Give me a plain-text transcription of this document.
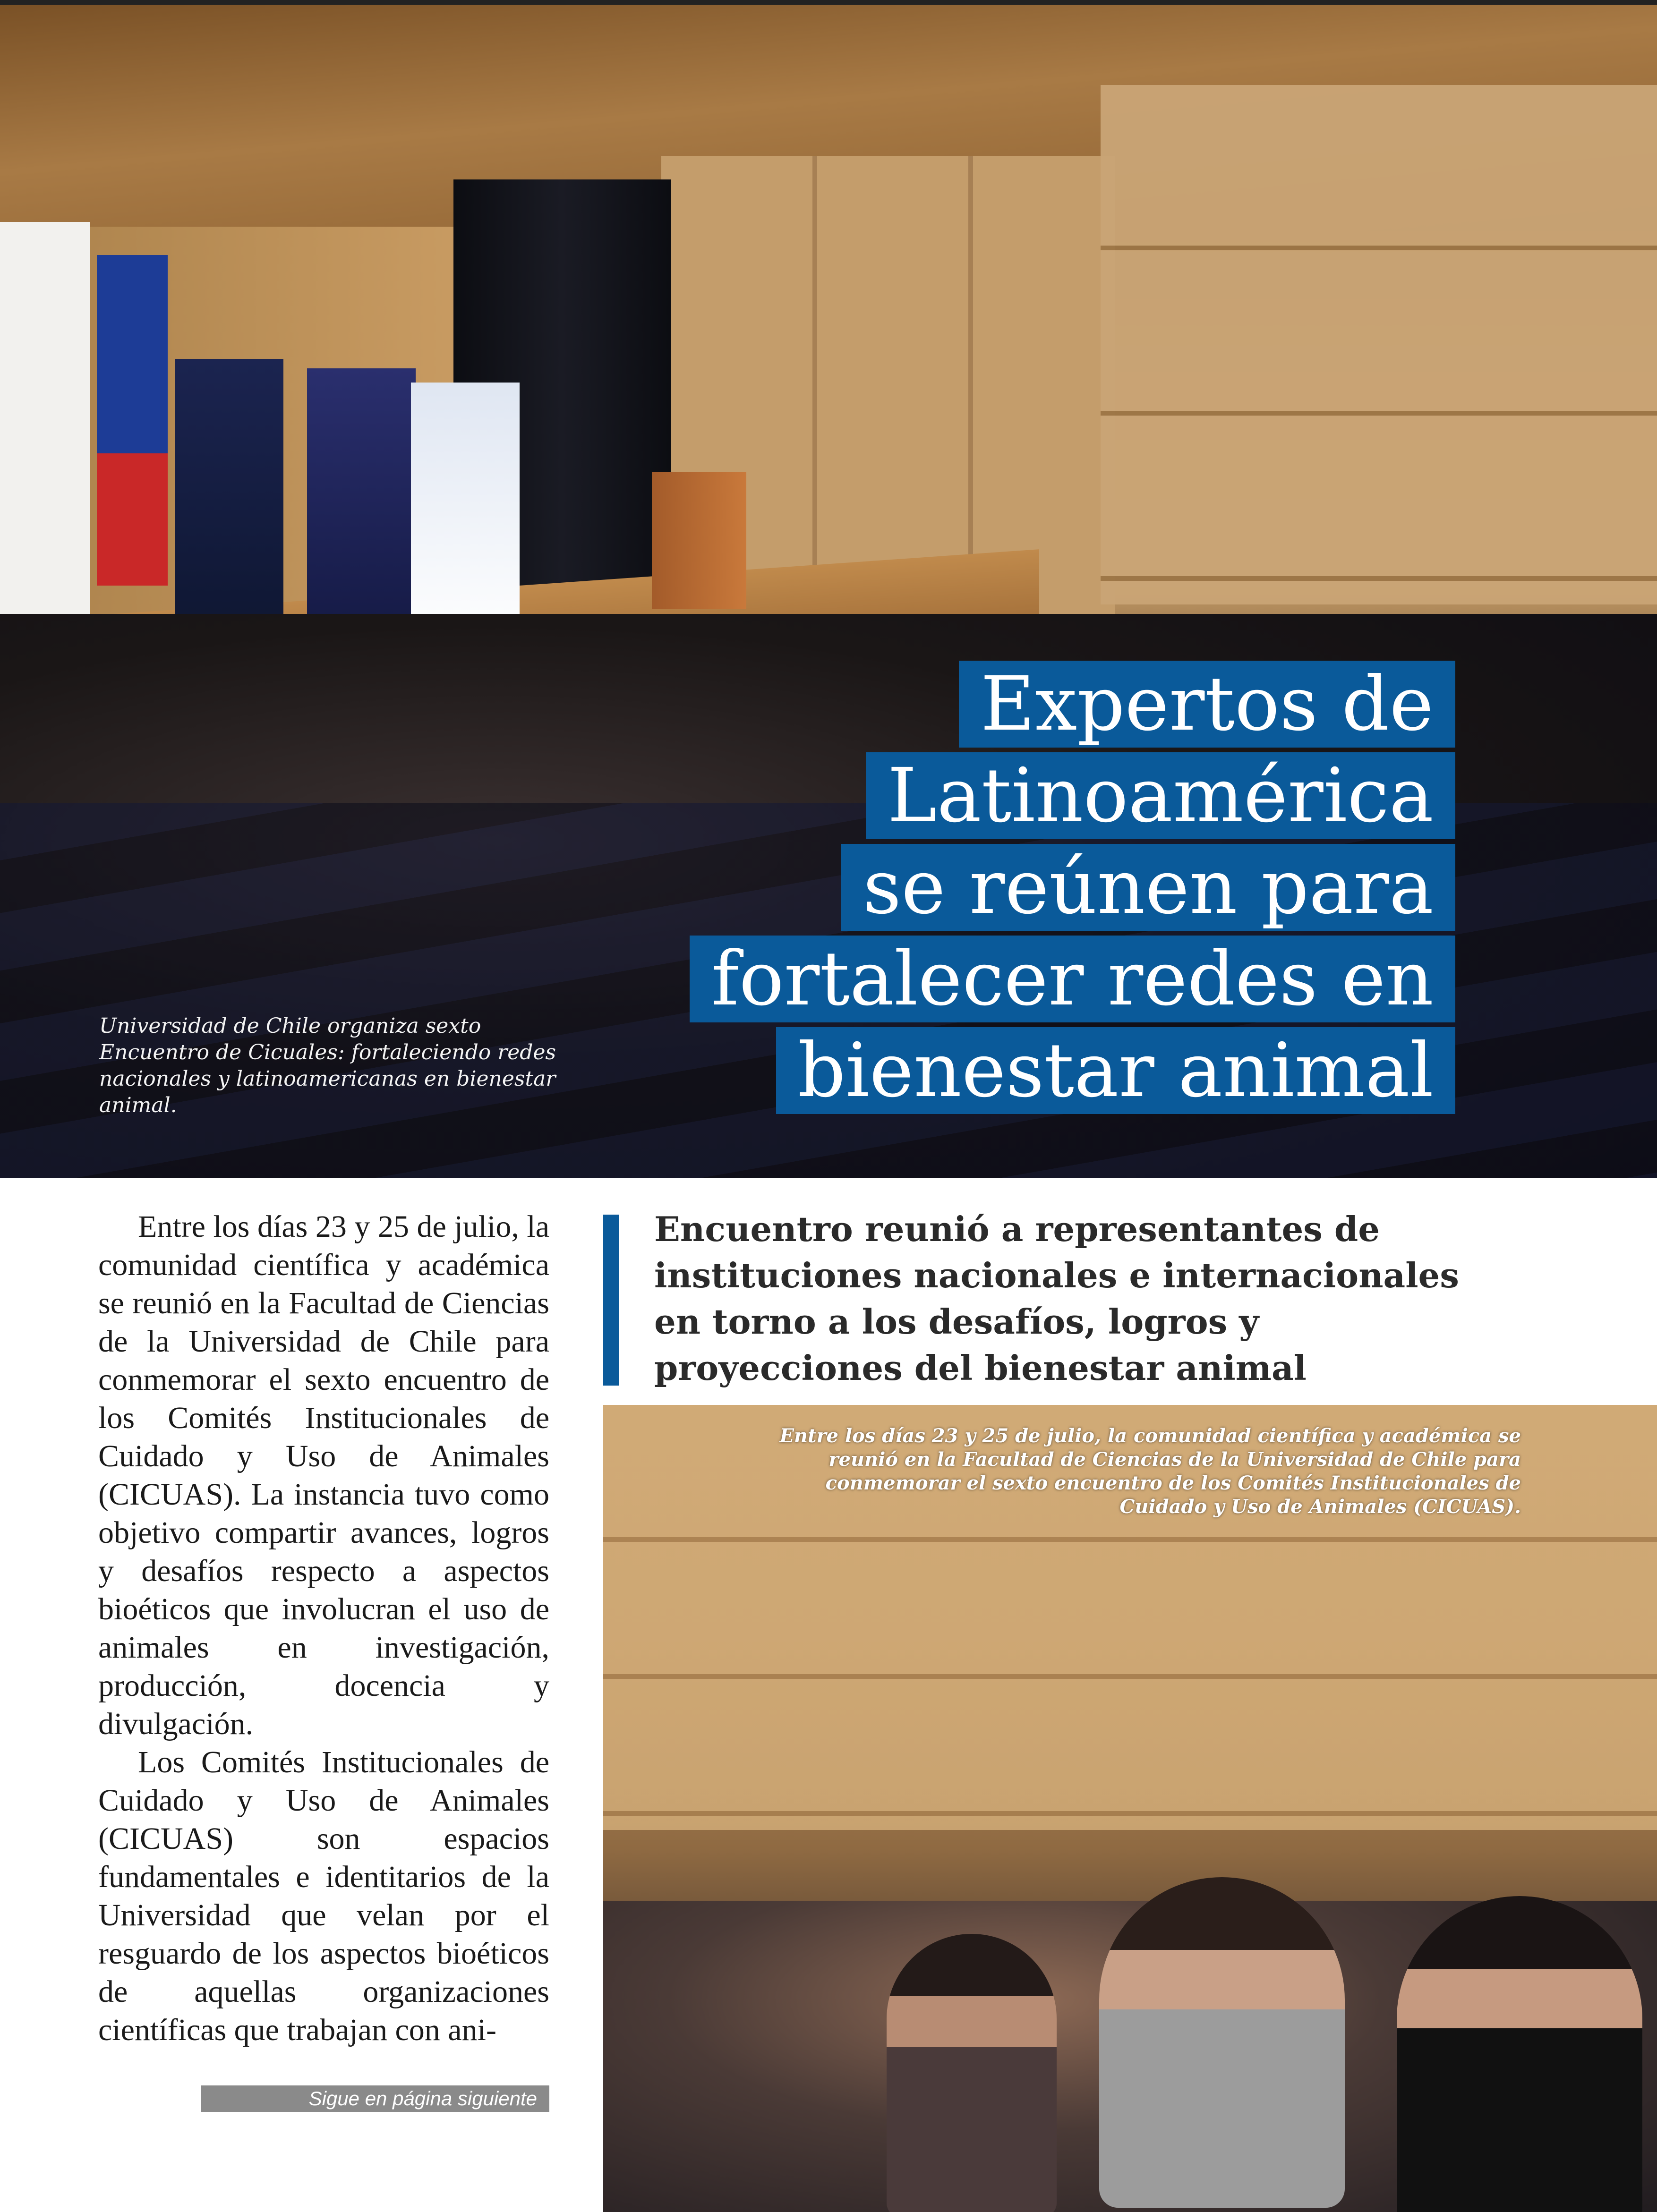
Universidad de Chile organiza sexto Encuentro de Cicuales: fortaleciendo redes nacionales y latinoamericanas en bienestar animal.

Expertos de
Latinoamérica
se reúnen para
fortalecer redes en
bienestar animal

Entre los días 23 y 25 de julio, la comunidad científica y académica se reunió en la Facultad de Ciencias de la Universidad de Chile para conmemorar el sexto encuentro de los Comités Institucionales de Cuidado y Uso de Animales (CICUAS). La instancia tuvo como objetivo compartir avances, logros y desafíos respecto a aspectos bioéticos que involucran el uso de animales en investigación, producción, docencia y divulgación.

Los Comités Institucionales de Cuidado y Uso de Animales (CICUAS) son espacios fundamentales e identitarios de la Universidad que velan por el resguardo de los aspectos bioéticos de aquellas organizaciones científicas que trabajan con ani-

Sigue en página siguiente
Encuentro reunió a representantes de instituciones nacionales e internacionales en torno a los desafíos, logros y proyecciones del bienestar animal

Entre los días 23 y 25 de julio, la comunidad científica y académica se reunió en la Facultad de Ciencias de la Universidad de Chile para conmemorar el sexto encuentro de los Comités Institucionales de Cuidado y Uso de Animales (CICUAS).
